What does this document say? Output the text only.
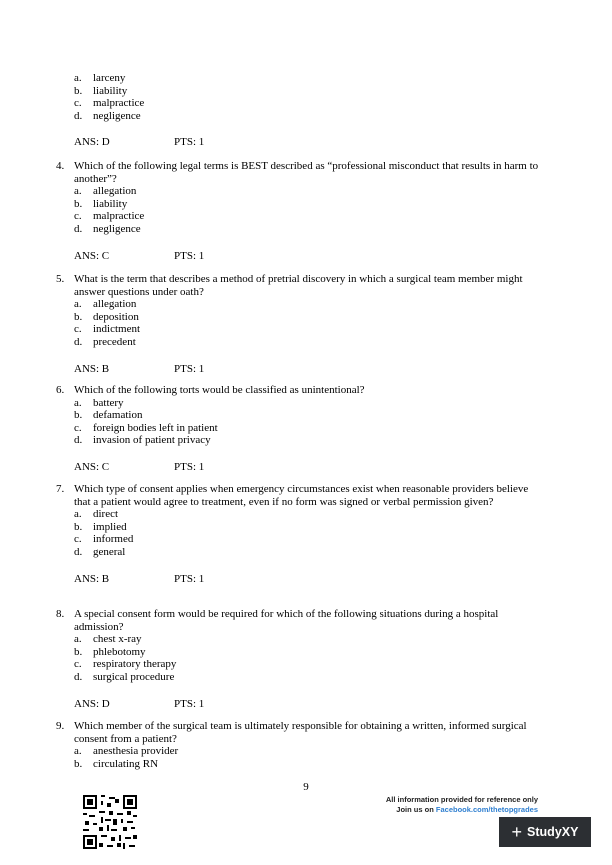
a.	larceny
b. liability
c.	malpractice
d. negligence
ANS: D	PTS: 1
4. Which of the following legal terms is BEST described as “professional misconduct that results in harm to another”?
a.	allegation
b. liability
c.	malpractice
d. negligence
ANS: C	PTS: 1
5. What is the term that describes a method of pretrial discovery in which a surgical team member might answer questions under oath?
a.	allegation
b. deposition
c.	indictment
d. precedent
ANS: B	PTS: 1
6. Which of the following torts would be classified as unintentional?
a.	battery
b. defamation
c.	foreign bodies left in patient
d. invasion of patient privacy
ANS: C	PTS: 1
7. Which type of consent applies when emergency circumstances exist when reasonable providers believe that a patient would agree to treatment, even if no form was signed or verbal permission given?
a.	direct
b. implied
c.	informed
d. general
ANS: B	PTS: 1
8. A special consent form would be required for which of the following situations during a hospital admission?
a.	chest x-ray
b. phlebotomy
c.	respiratory therapy
d. surgical procedure
ANS: D	PTS: 1
9. Which member of the surgical team is ultimately responsible for obtaining a written, informed surgical consent from a patient?
a.	anesthesia provider
b. circulating RN
9
All information provided for reference only
Join us on Facebook.com/thetopgrades
+ StudyXY
